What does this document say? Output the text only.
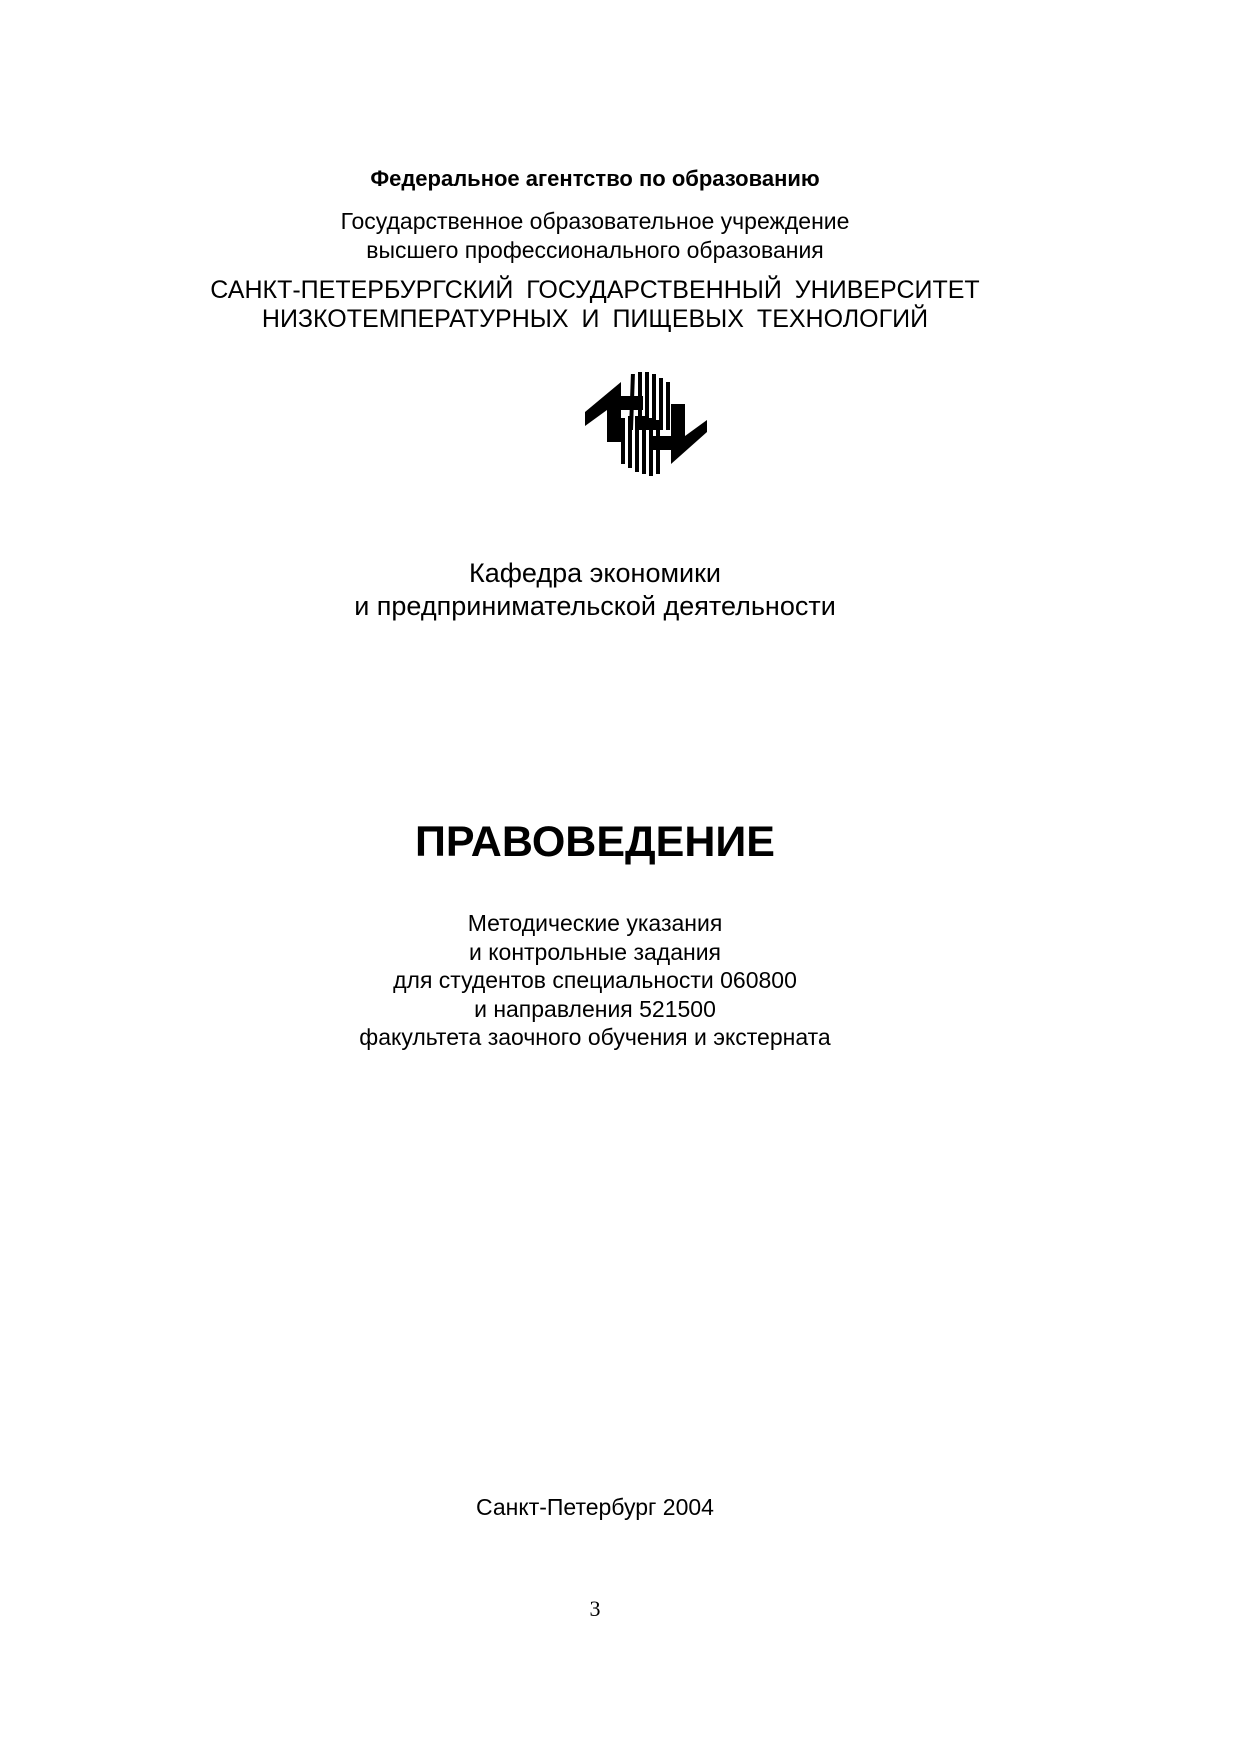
Федеральное агентство по образованию
Государственное образовательное учреждение
высшего профессионального образования
САНКТ-ПЕТЕРБУРГСКИЙ ГОСУДАРСТВЕННЫЙ УНИВЕРСИТЕТ
НИЗКОТЕМПЕРАТУРНЫХ И ПИЩЕВЫХ ТЕХНОЛОГИЙ
Кафедра экономики
и предпринимательской деятельности
ПРАВОВЕДЕНИЕ
Методические указания
и контрольные задания
для студентов специальности 060800
и направления 521500
факультета заочного обучения и экстерната
Санкт-Петербург 2004
3
